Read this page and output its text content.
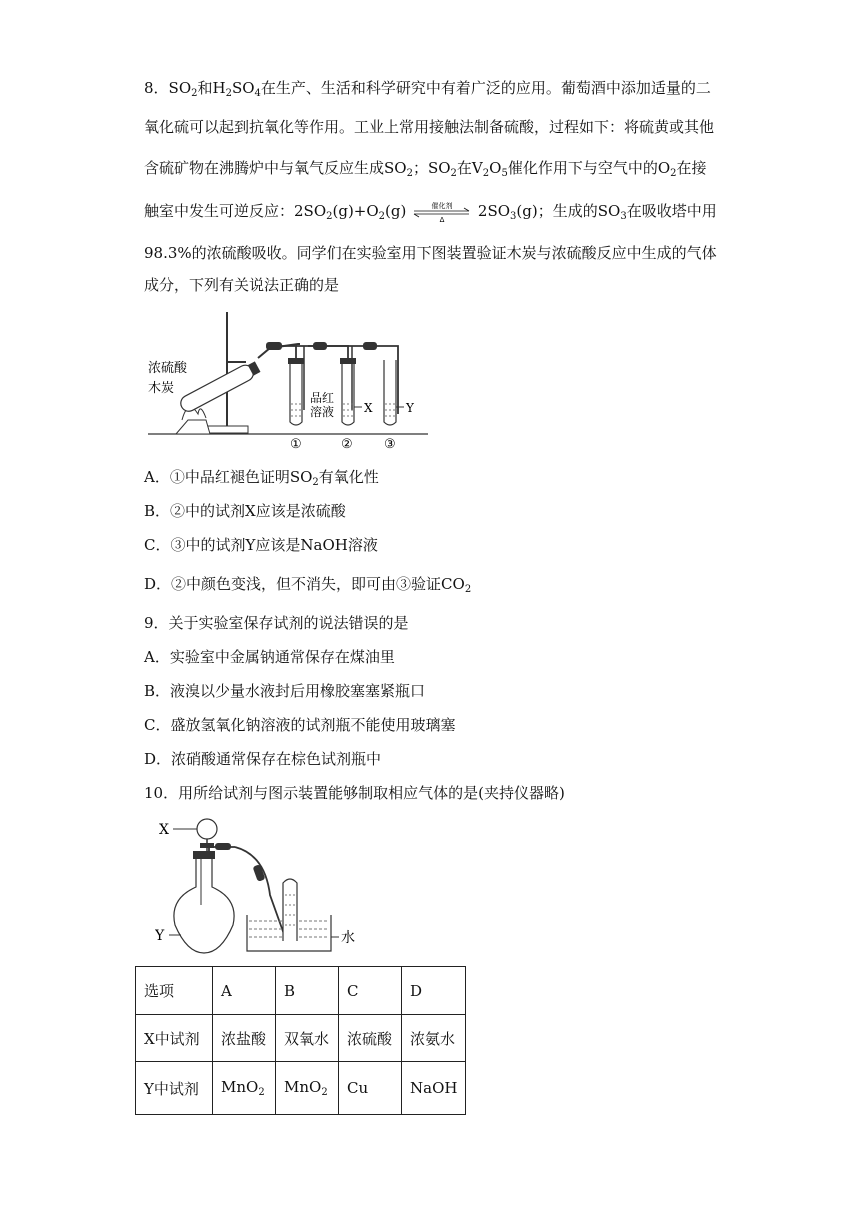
8．$SO_2$和$H_2SO_4$在生产、生活和科学研究中有着广泛的应用。葡萄酒中添加适量的二
氧化硫可以起到抗氧化等作用。工业上常用接触法制备硫酸，过程如下：将硫黄或其他
含硫矿物在沸腾炉中与氧气反应生成$SO_2$；$SO_2$在$V_2O_5$催化作用下与空气中的$O_2$在接
触室中发生可逆反应：$2SO_2(g)+O_2(g)$	催化剂
Δ $2SO_3(g)$；生成的$SO_3$在吸收塔中用
98.3%的浓硫酸吸收。同学们在实验室用下图装置验证木炭与浓硫酸反应中生成的气体
成分，下列有关说法正确的是
浓硫酸
木炭
品红
溶液 X	Y
①	② ③
A．①中品红褪色证明$SO_2$有氧化性
B．②中的试剂X应该是浓硫酸
C．③中的试剂Y应该是NaOH溶液
D．②中颜色变浅，但不消失，即可由③验证$CO_2$
9．关于实验室保存试剂的说法错误的是
A．实验室中金属钠通常保存在煤油里
B．液溴以少量水液封后用橡胶塞塞紧瓶口
C．盛放氢氧化钠溶液的试剂瓶不能使用玻璃塞
D．浓硝酸通常保存在棕色试剂瓶中
10．用所给试剂与图示装置能够制取相应气体的是(夹持仪器略)
X
Y	水
选项	A	B	C	D
X中试剂	浓盐酸	双氧水	浓硫酸	浓氨水
Y中试剂	MnO$_2$	MnO$_2$	Cu	NaOH
